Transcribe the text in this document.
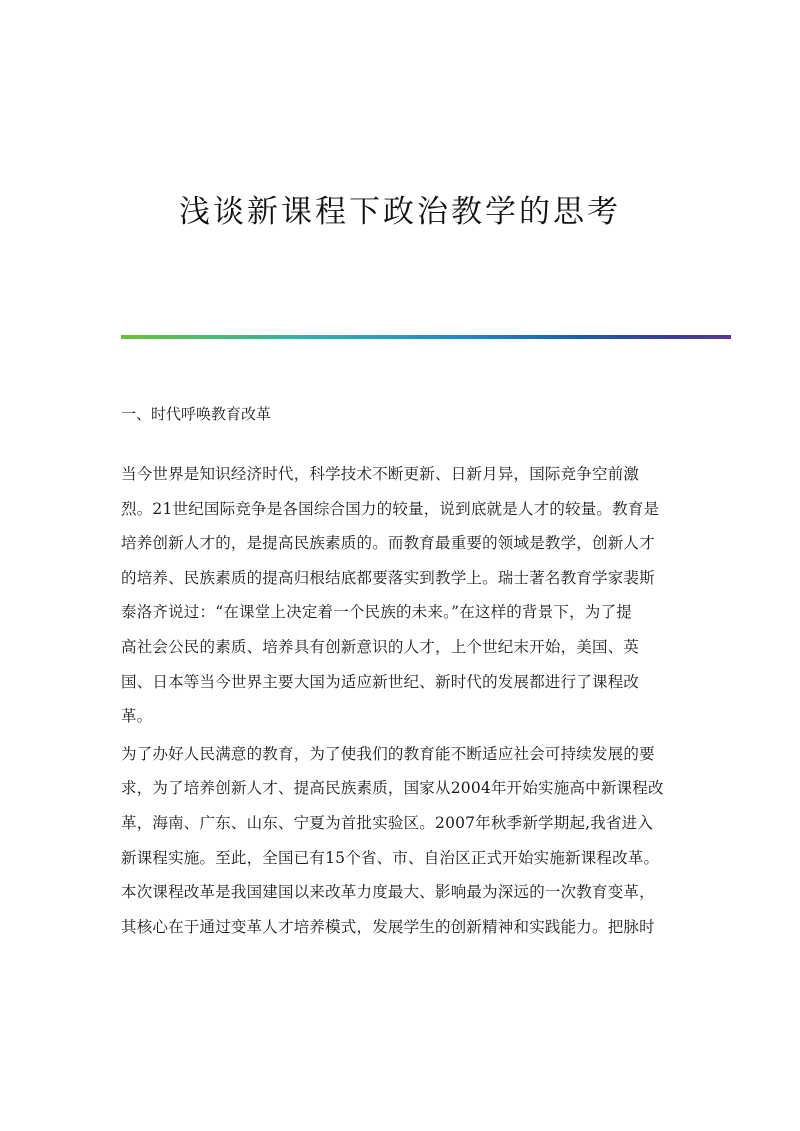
浅谈新课程下政治教学的思考
一、时代呼唤教育改革
当今世界是知识经济时代，科学技术不断更新、日新月异，国际竞争空前激
烈。21世纪国际竞争是各国综合国力的较量，说到底就是人才的较量。教育是
培养创新人才的，是提高民族素质的。而教育最重要的领域是教学，创新人才
的培养、民族素质的提高归根结底都要落实到教学上。瑞士著名教育学家裴斯
泰洛齐说过：“在课堂上决定着一个民族的未来。”在这样的背景下，为了提
高社会公民的素质、培养具有创新意识的人才，上个世纪末开始，美国、英
国、日本等当今世界主要大国为适应新世纪、新时代的发展都进行了课程改
革。
为了办好人民满意的教育，为了使我们的教育能不断适应社会可持续发展的要
求，为了培养创新人才、提高民族素质，国家从2004年开始实施高中新课程改
革，海南、广东、山东、宁夏为首批实验区。2007年秋季新学期起,我省进入
新课程实施。至此，全国已有15个省、市、自治区正式开始实施新课程改革。
本次课程改革是我国建国以来改革力度最大、影响最为深远的一次教育变革，
其核心在于通过变革人才培养模式，发展学生的创新精神和实践能力。把脉时
